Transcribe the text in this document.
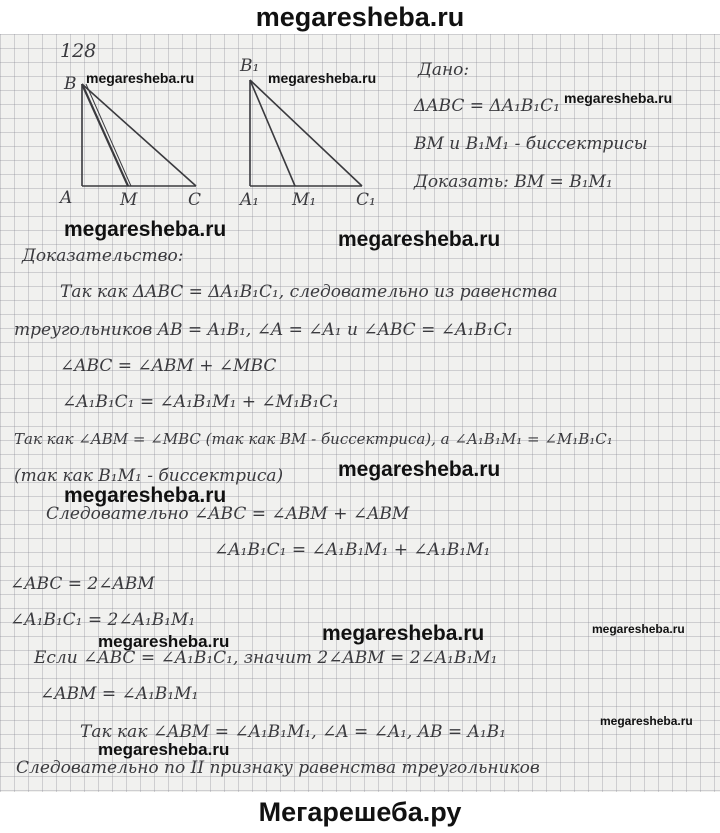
megaresheba.ru
128
B
A	M	C
B₁
A₁ M₁ C₁
Дано:
ΔABC = ΔA₁B₁C₁
BM и B₁M₁ - биссектрисы
Доказать: BM = B₁M₁
Доказательство:
Так как ΔABC = ΔA₁B₁C₁, следовательно из равенства
треугольников AB = A₁B₁, ∠A = ∠A₁ и ∠ABC = ∠A₁B₁C₁
∠ABC = ∠ABM + ∠MBC
∠A₁B₁C₁ = ∠A₁B₁M₁ + ∠M₁B₁C₁
Так как ∠ABM = ∠MBC (так как BM - биссектриса), а ∠A₁B₁M₁ = ∠M₁B₁C₁
(так как B₁M₁ - биссектриса)
Следовательно ∠ABC = ∠ABM + ∠ABM
∠A₁B₁C₁ = ∠A₁B₁M₁ + ∠A₁B₁M₁
∠ABC = 2∠ABM
∠A₁B₁C₁ = 2∠A₁B₁M₁
Если ∠ABC = ∠A₁B₁C₁, значит 2∠ABM = 2∠A₁B₁M₁
∠ABM = ∠A₁B₁M₁
Так как ∠ABM = ∠A₁B₁M₁, ∠A = ∠A₁, AB = A₁B₁
Следовательно по II признаку равенства треугольников
megaresheba.ru	megaresheba.ru
megaresheba.ru
megaresheba.ru	megaresheba.ru
megaresheba.ru
megaresheba.ru
megaresheba.ru	megaresheba.ru	megaresheba.ru
megaresheba.ru
megaresheba.ru
Мегарешеба.ру
